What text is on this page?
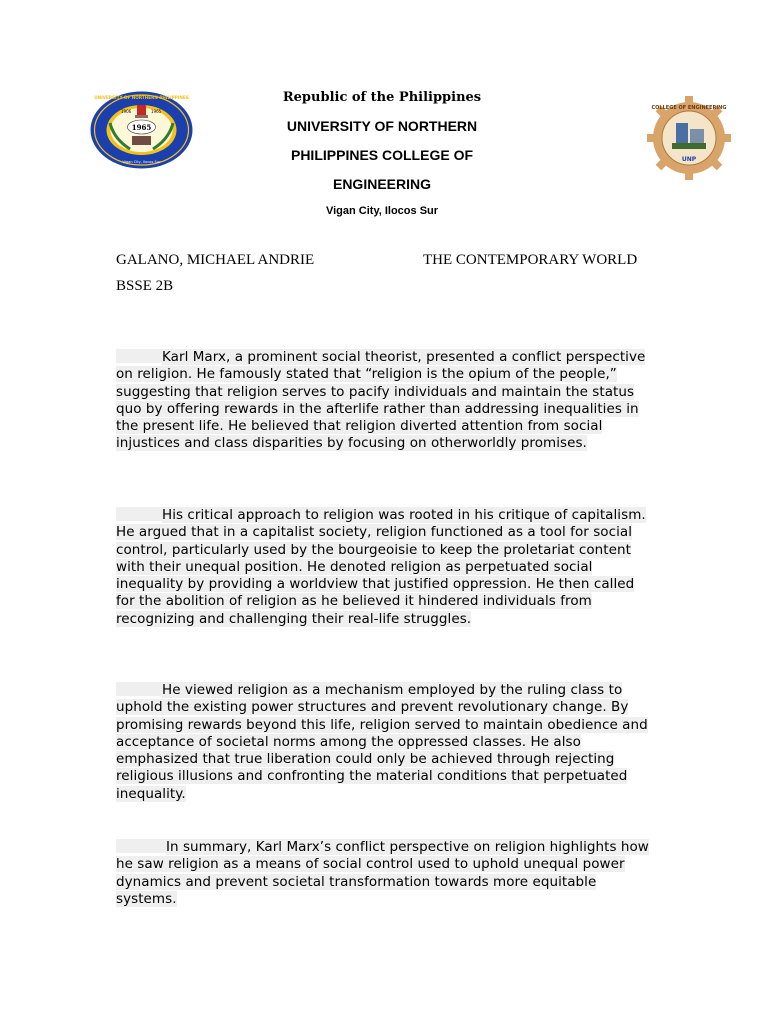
1965
UNIVERSITY OF NORTHERN PHILIPPINES
1906	1965
Vigan City, Ilocos Sur
Republic of the Philippines
UNIVERSITY OF NORTHERN
PHILIPPINES COLLEGE OF
ENGINEERING
Vigan City, Ilocos Sur
COLLEGE OF ENGINEERING
UNP
GALANO, MICHAEL ANDRIE	THE CONTEMPORARY WORLD
BSSE 2B
Karl Marx, a prominent social theorist, presented a conflict perspective on religion. He famously stated that “religion is the opium of the people,” suggesting that religion serves to pacify individuals and maintain the status quo by offering rewards in the afterlife rather than addressing inequalities in the present life. He believed that religion diverted attention from social injustices and class disparities by focusing on otherworldly promises.
His critical approach to religion was rooted in his critique of capitalism. He argued that in a capitalist society, religion functioned as a tool for social control, particularly used by the bourgeoisie to keep the proletariat content with their unequal position. He denoted religion as perpetuated social inequality by providing a worldview that justified oppression. He then called for the abolition of religion as he believed it hindered individuals from recognizing and challenging their real-life struggles.
He viewed religion as a mechanism employed by the ruling class to uphold the existing power structures and prevent revolutionary change. By promising rewards beyond this life, religion served to maintain obedience and acceptance of societal norms among the oppressed classes. He also emphasized that true liberation could only be achieved through rejecting religious illusions and confronting the material conditions that perpetuated inequality.
In summary, Karl Marx’s conflict perspective on religion highlights how he saw religion as a means of social control used to uphold unequal power dynamics and prevent societal transformation towards more equitable systems.
